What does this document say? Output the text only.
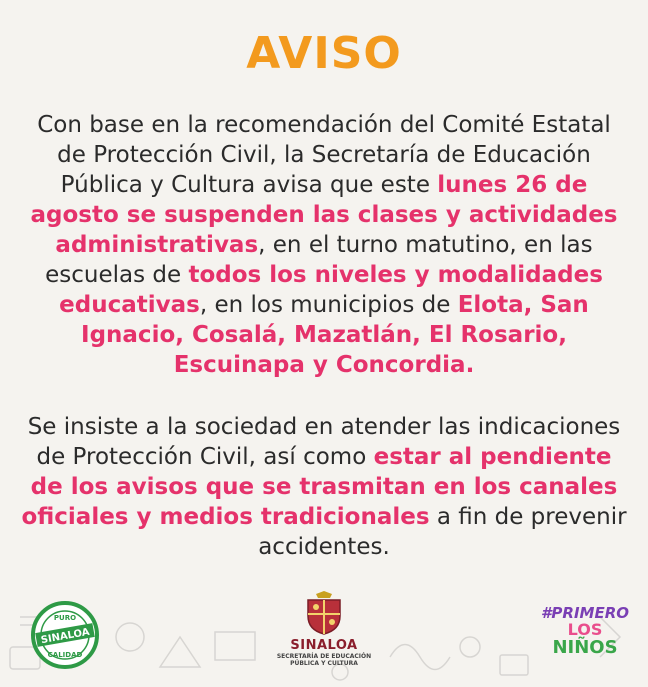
AVISO
Con base en la recomendación del Comité Estatal de Protección Civil, la Secretaría de Educación Pública y Cultura avisa que este lunes 26 de agosto se suspenden las clases y actividades administrativas, en el turno matutino, en las escuelas de todos los niveles y modalidades educativas, en los municipios de Elota, San Ignacio, Cosalá, Mazatlán, El Rosario, Escuinapa y Concordia.
Se insiste a la sociedad en atender las indicaciones de Protección Civil, así como estar al pendiente de los avisos que se trasmitan en los canales oficiales y medios tradicionales a fin de prevenir accidentes.
SINALOA
PURO
CALIDAD
SINALOA
SECRETARÍA DE EDUCACIÓN
PÚBLICA Y CULTURA
#PRIMERO
LOS
NIÑOS
